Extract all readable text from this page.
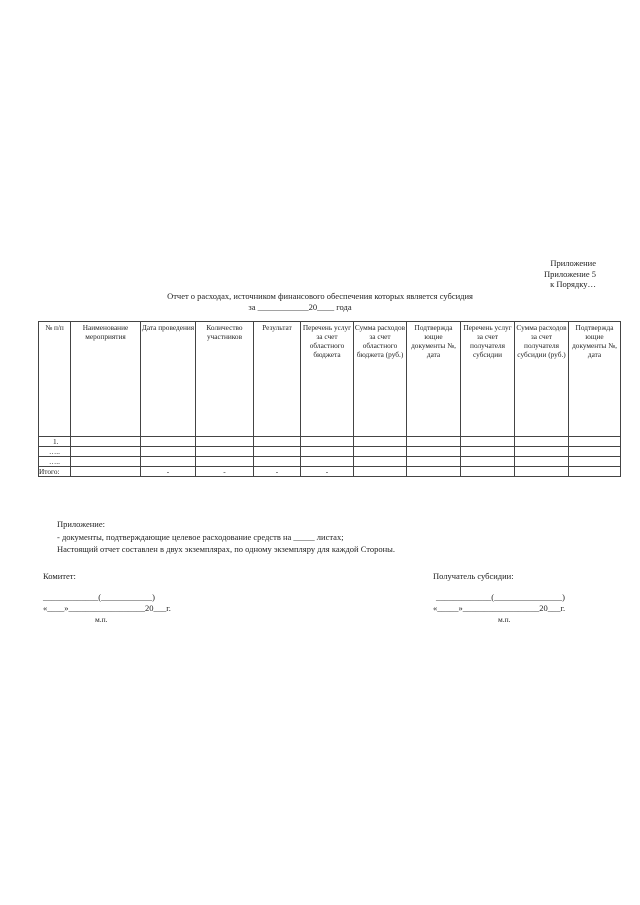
Приложение
Приложение 5
к Порядку…
Отчет о расходах, источником финансового обеспечения которых является субсидия
за ____________20____ года
№ п/п	Наименование мероприятия	Дата проведения	Количество участников	Результат	Перечень услуг за счет областного бюджета	Сумма расходов за счет областного бюджета (руб.)	Подтвержда ющие документы №, дата	Перечень услуг за счет получателя субсидии	Сумма расходов за счет получателя субсидии (руб.)	Подтвержда ющие документы №, дата
1.										
…..										
…..										
Итого:		-	-	-	-					
Приложение:
- документы, подтверждающие целевое расходование средств на _____ листах;
Настоящий отчет составлен в двух экземплярах, по одному экземпляру для каждой Стороны.
Комитет:
_____________(____________)
«____»__________________20___г.
м.п.
Получатель субсидии:
_____________(________________)
«_____»__________________20___г.
м.п.
